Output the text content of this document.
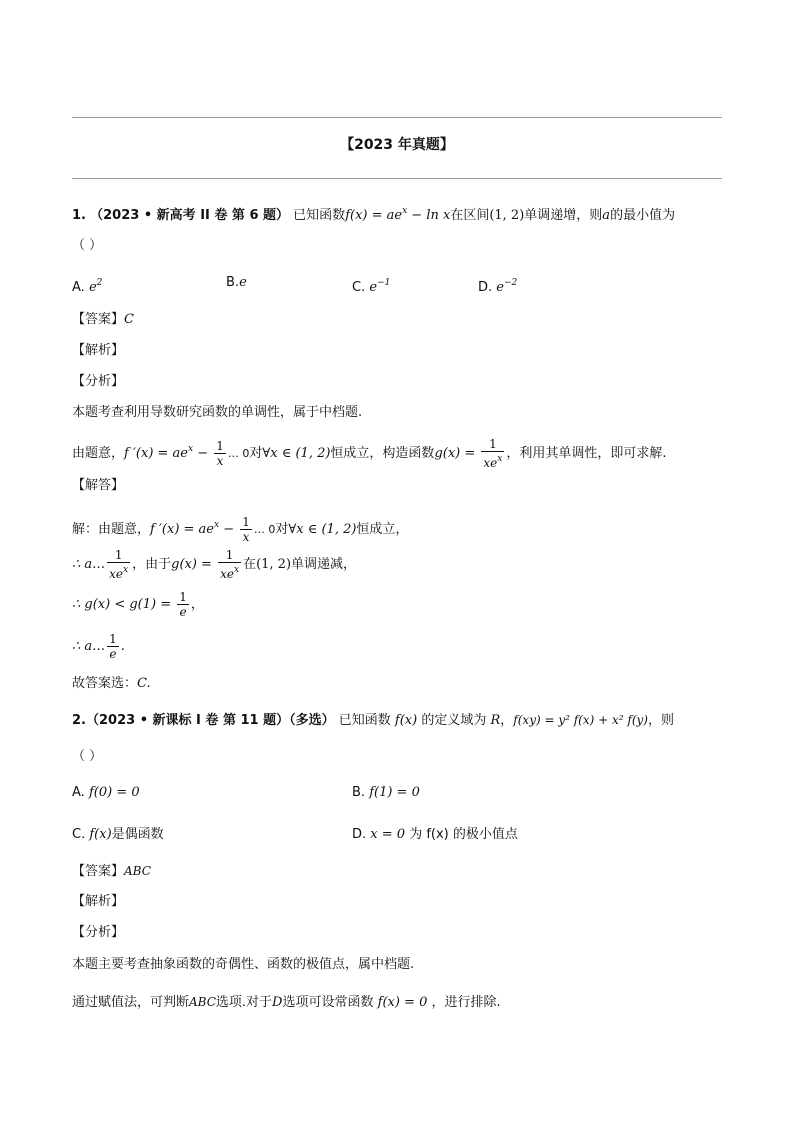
【2023 年真题】
1. （2023 • 新高考 II 卷 第 6 题） 已知函数$f(x) = ae^x - \ln x$在区间(1, 2)单调递增，则a的最小值为
（ ）
A. $e^2$	B.e	C. $e^{-1}$	D. $e^{-2}$
【答案】C
【解析】
【分析】
本题考查利用导数研究函数的单调性，属于中档题.
由题意，f $'(x) = ae^x - \frac{1}{x}$ … 0对∀x ∈ (1, 2)恒成立，构造函数$g(x) = \frac{1}{xe^x}$ ，利用其单调性，即可求解.
【解答】
解：由题意，f $'(x) = ae^x - \frac{1}{x}$ … 0对∀x ∈ (1, 2)恒成立，
∴ a… $\frac{1}{xe^x}$ ，由于$g(x) = \frac{1}{xe^x}$ 在(1, 2)单调递减，
∴ $g(x) < g(1) = \frac{1}{e}$ ，
∴ a… $\frac{1}{e}$ .
故答案选：C.
2.（2023 • 新课标 I 卷 第 11 题）（多选） 已知函数 f(x) 的定义域为 R，f(xy) = y² f(x) + x² f(y)，则
（ ）
A. f(0) = 0	B. f(1) = 0
C. f(x)是偶函数	D. x = 0 为 f(x) 的极小值点
【答案】ABC
【解析】
【分析】
本题主要考查抽象函数的奇偶性、函数的极值点，属中档题.
通过赋值法，可判断ABC选项.对于D选项可设常函数 f(x) = 0 ，进行排除.
